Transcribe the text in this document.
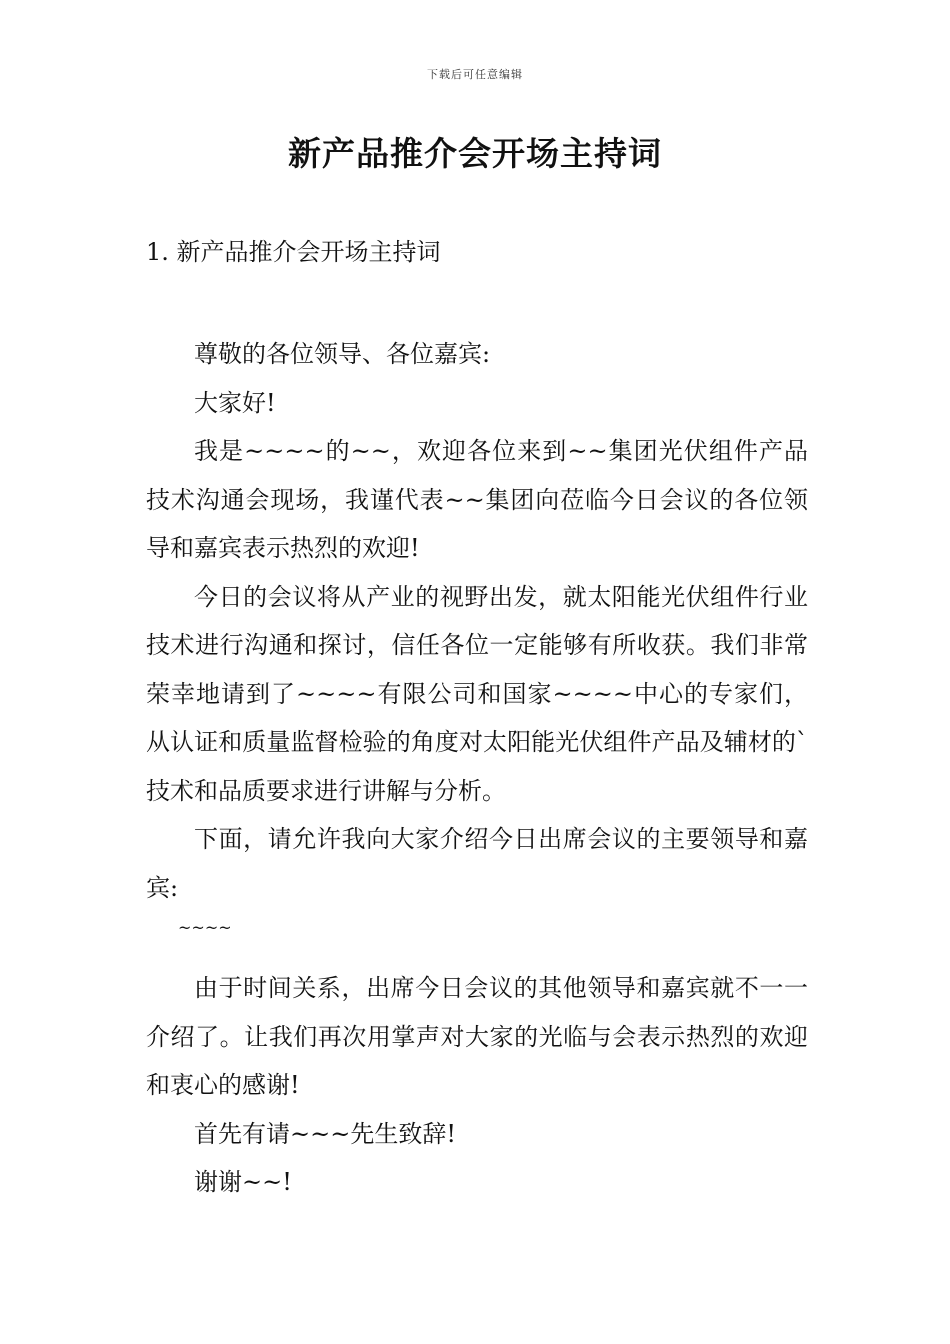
下载后可任意编辑
新产品推介会开场主持词
1. 新产品推介会开场主持词

尊敬的各位领导、各位嘉宾:

大家好!

我是~~~~的~~，欢迎各位来到~~集团光伏组件产品技术沟通会现场，我谨代表~~集团向莅临今日会议的各位领导和嘉宾表示热烈的欢迎!

今日的会议将从产业的视野出发，就太阳能光伏组件行业技术进行沟通和探讨，信任各位一定能够有所收获。我们非常荣幸地请到了~~~~有限公司和国家~~~~中心的专家们，从认证和质量监督检验的角度对太阳能光伏组件产品及辅材的`技术和品质要求进行讲解与分析。

下面，请允许我向大家介绍今日出席会议的主要领导和嘉宾:

~~~~

由于时间关系，出席今日会议的其他领导和嘉宾就不一一介绍了。让我们再次用掌声对大家的光临与会表示热烈的欢迎和衷心的感谢!

首先有请~~~先生致辞!

谢谢~~!
